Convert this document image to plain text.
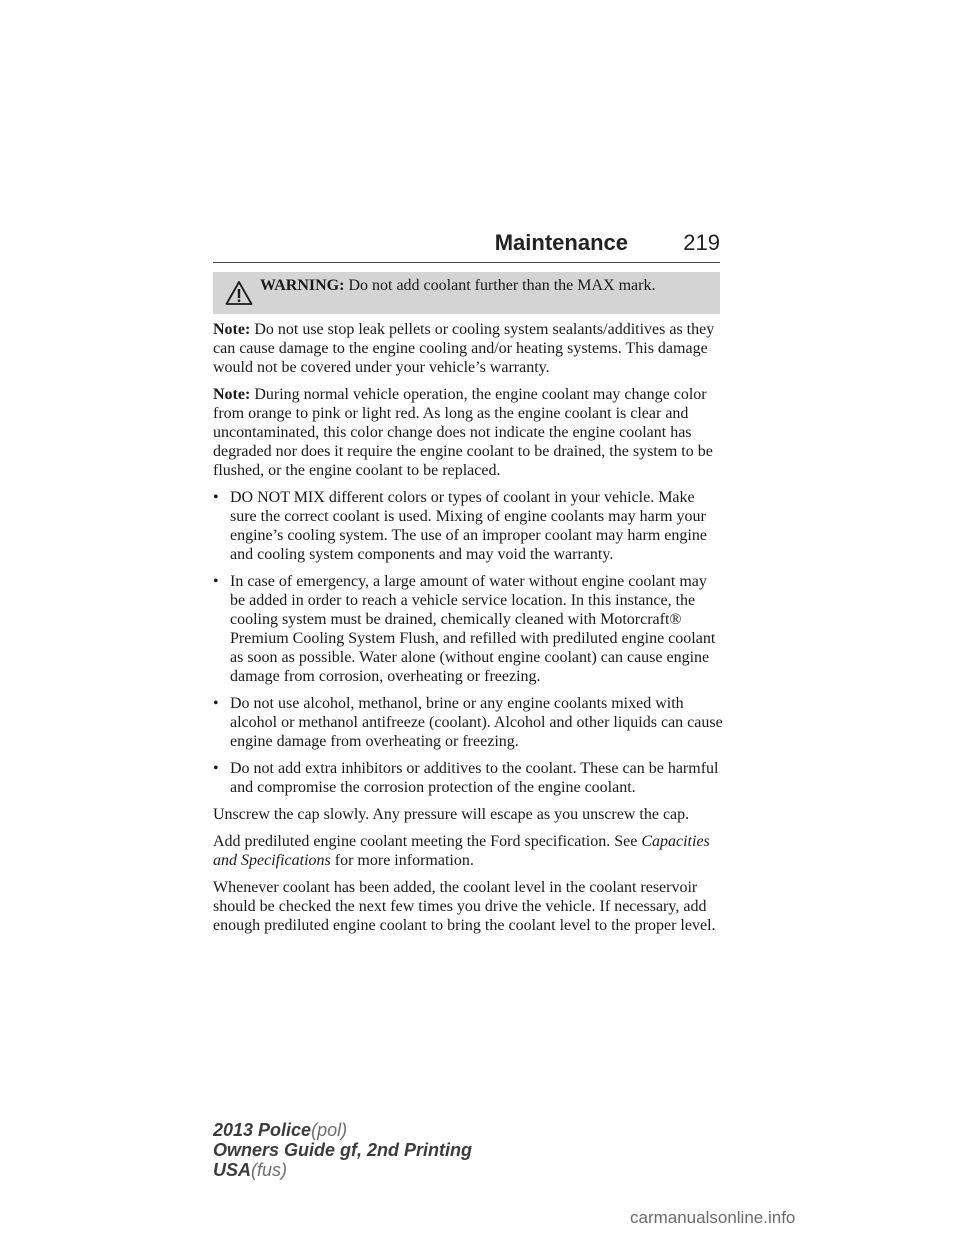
Maintenance	219
WARNING: Do not add coolant further than the MAX mark.

Note: Do not use stop leak pellets or cooling system sealants/additives as they can cause damage to the engine cooling and/or heating systems. This damage would not be covered under your vehicle’s warranty.

Note: During normal vehicle operation, the engine coolant may change color from orange to pink or light red. As long as the engine coolant is clear and uncontaminated, this color change does not indicate the engine coolant has degraded nor does it require the engine coolant to be drained, the system to be flushed, or the engine coolant to be replaced.

• DO NOT MIX different colors or types of coolant in your vehicle. Make sure the correct coolant is used. Mixing of engine coolants may harm your engine’s cooling system. The use of an improper coolant may harm engine and cooling system components and may void the warranty.
• In case of emergency, a large amount of water without engine coolant may be added in order to reach a vehicle service location. In this instance, the cooling system must be drained, chemically cleaned with Motorcraft® Premium Cooling System Flush, and refilled with prediluted engine coolant as soon as possible. Water alone (without engine coolant) can cause engine damage from corrosion, overheating or freezing.
• Do not use alcohol, methanol, brine or any engine coolants mixed with alcohol or methanol antifreeze (coolant). Alcohol and other liquids can cause engine damage from overheating or freezing.
• Do not add extra inhibitors or additives to the coolant. These can be harmful and compromise the corrosion protection of the engine coolant.

Unscrew the cap slowly. Any pressure will escape as you unscrew the cap.

Add prediluted engine coolant meeting the Ford specification. See Capacities and Specifications for more information.

Whenever coolant has been added, the coolant level in the coolant reservoir should be checked the next few times you drive the vehicle. If necessary, add enough prediluted engine coolant to bring the coolant level to the proper level.

2013 Police(pol)
Owners Guide gf, 2nd Printing
USA(fus)
carmanualsonline.info
